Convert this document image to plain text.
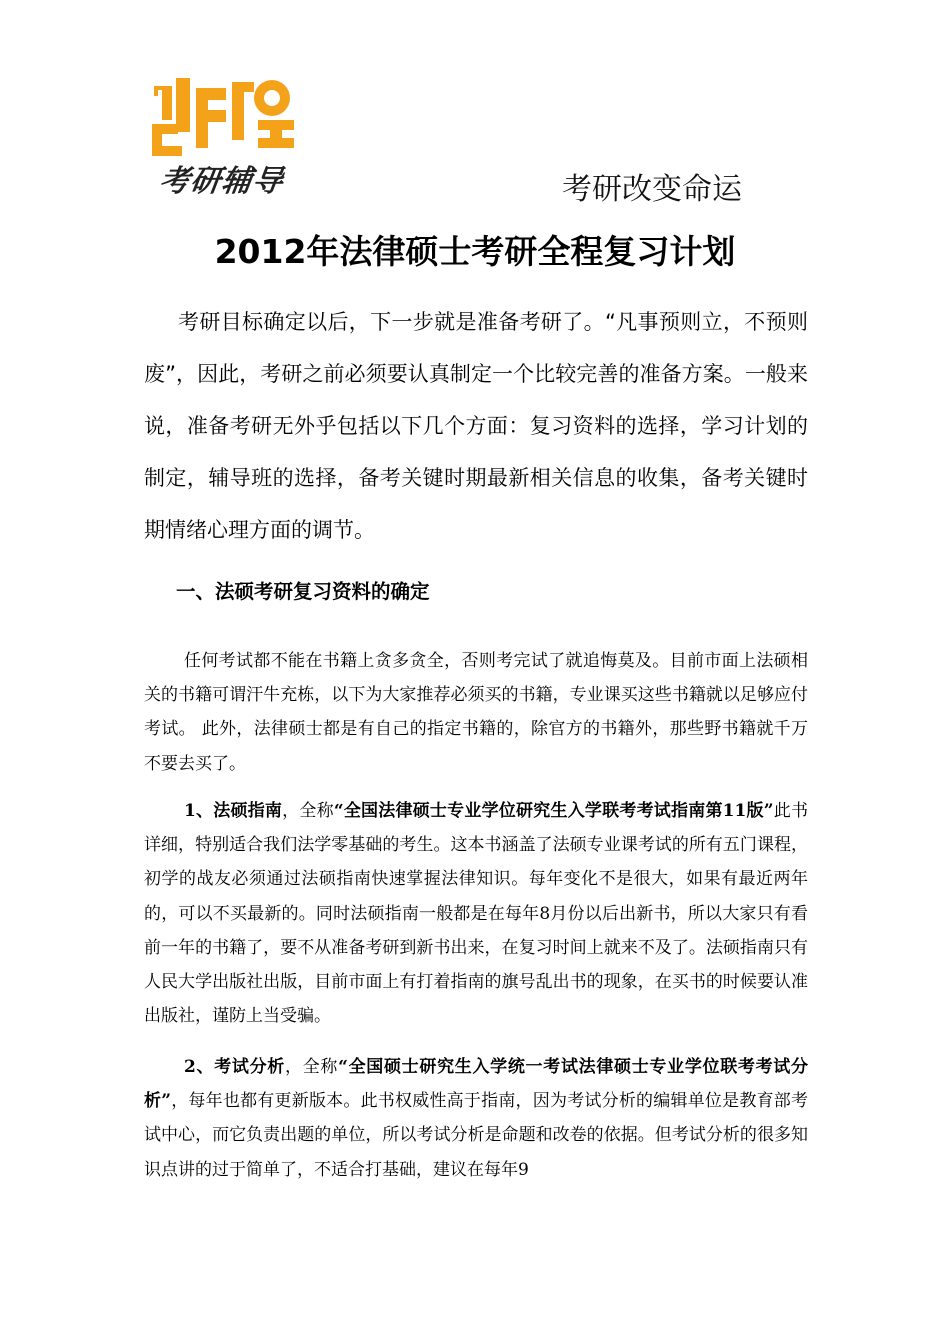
考研辅导	考研改变命运
2012年法律硕士考研全程复习计划

考研目标确定以后，下一步就是准备考研了。“凡事预则立，不预则废”，因此，考研之前必须要认真制定一个比较完善的准备方案。一般来说，准备考研无外乎包括以下几个方面：复习资料的选择，学习计划的制定，辅导班的选择，备考关键时期最新相关信息的收集，备考关键时期情绪心理方面的调节。

一、法硕考研复习资料的确定

任何考试都不能在书籍上贪多贪全，否则考完试了就追悔莫及。目前市面上法硕相关的书籍可谓汗牛充栋，以下为大家推荐必须买的书籍，专业课买这些书籍就以足够应付考试。 此外，法律硕士都是有自己的指定书籍的，除官方的书籍外，那些野书籍就千万不要去买了。

1、法硕指南，全称“全国法律硕士专业学位研究生入学联考考试指南第11版”此书详细，特别适合我们法学零基础的考生。这本书涵盖了法硕专业课考试的所有五门课程，初学的战友必须通过法硕指南快速掌握法律知识。每年变化不是很大，如果有最近两年的，可以不买最新的。同时法硕指南一般都是在每年8月份以后出新书，所以大家只有看前一年的书籍了，要不从准备考研到新书出来，在复习时间上就来不及了。法硕指南只有人民大学出版社出版，目前市面上有打着指南的旗号乱出书的现象，在买书的时候要认准出版社，谨防上当受骗。

2、考试分析，全称“全国硕士研究生入学统一考试法律硕士专业学位联考考试分析”，每年也都有更新版本。此书权威性高于指南，因为考试分析的编辑单位是教育部考试中心，而它负责出题的单位，所以考试分析是命题和改卷的依据。但考试分析的很多知识点讲的过于简单了，不适合打基础，建议在每年9
